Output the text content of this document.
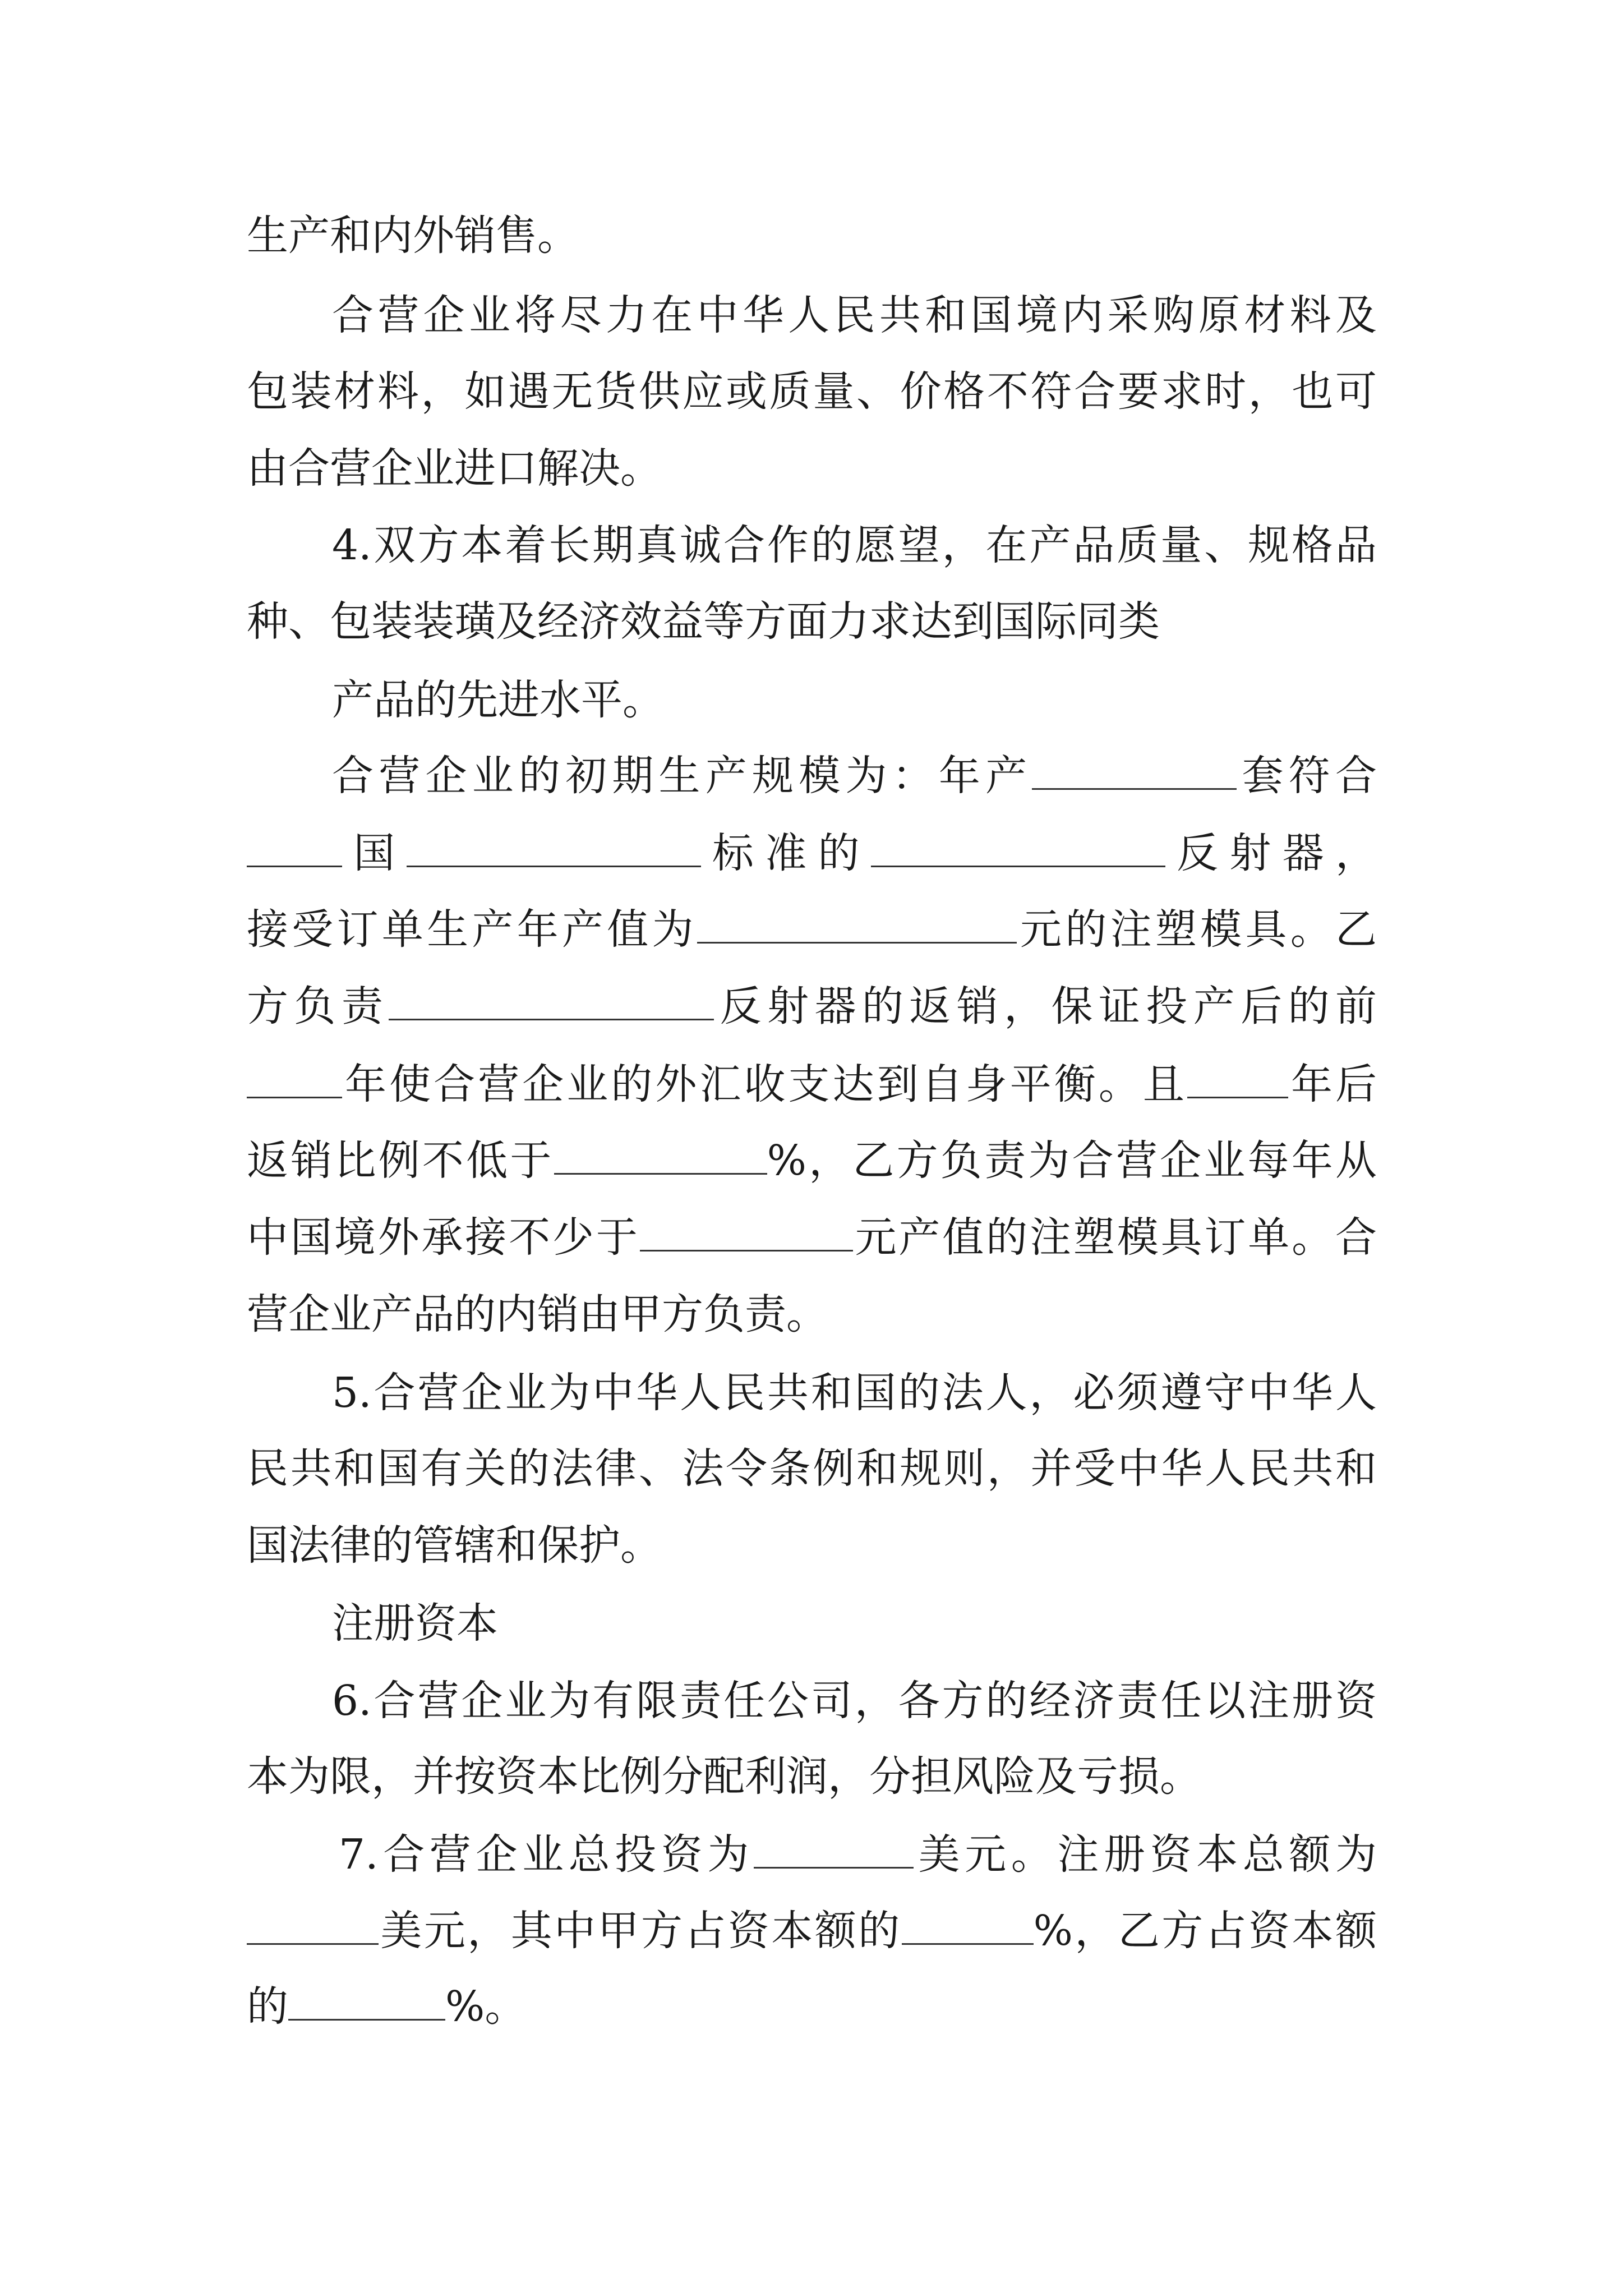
生产和内外销售。

合营企业将尽力在中华人民共和国境内采购原材料及

包装材料，如遇无货供应或质量、价格不符合要求时，也可

由合营企业进口解决。

4.双方本着长期真诚合作的愿望，在产品质量、规格品

种、包装装璜及经济效益等方面力求达到国际同类

产品的先进水平。

合营企业的初期生产规模为：年产	套符合

国	标准的	反射器，

接受订单生产年产值为	元的注塑模具。乙

方负责	反射器的返销，保证投产后的前

年使合营企业的外汇收支达到自身平衡。且 年后

返销比例不低于	%，乙方负责为合营企业每年从

中国境外承接不少于	元产值的注塑模具订单。合

营企业产品的内销由甲方负责。

5.合营企业为中华人民共和国的法人，必须遵守中华人

民共和国有关的法律、法令条例和规则，并受中华人民共和

国法律的管辖和保护。

注册资本

6.合营企业为有限责任公司，各方的经济责任以注册资

本为限，并按资本比例分配利润，分担风险及亏损。

7.合营企业总投资为	美元。注册资本总额为

美元，其中甲方占资本额的	%，乙方占资本额

的	%。
